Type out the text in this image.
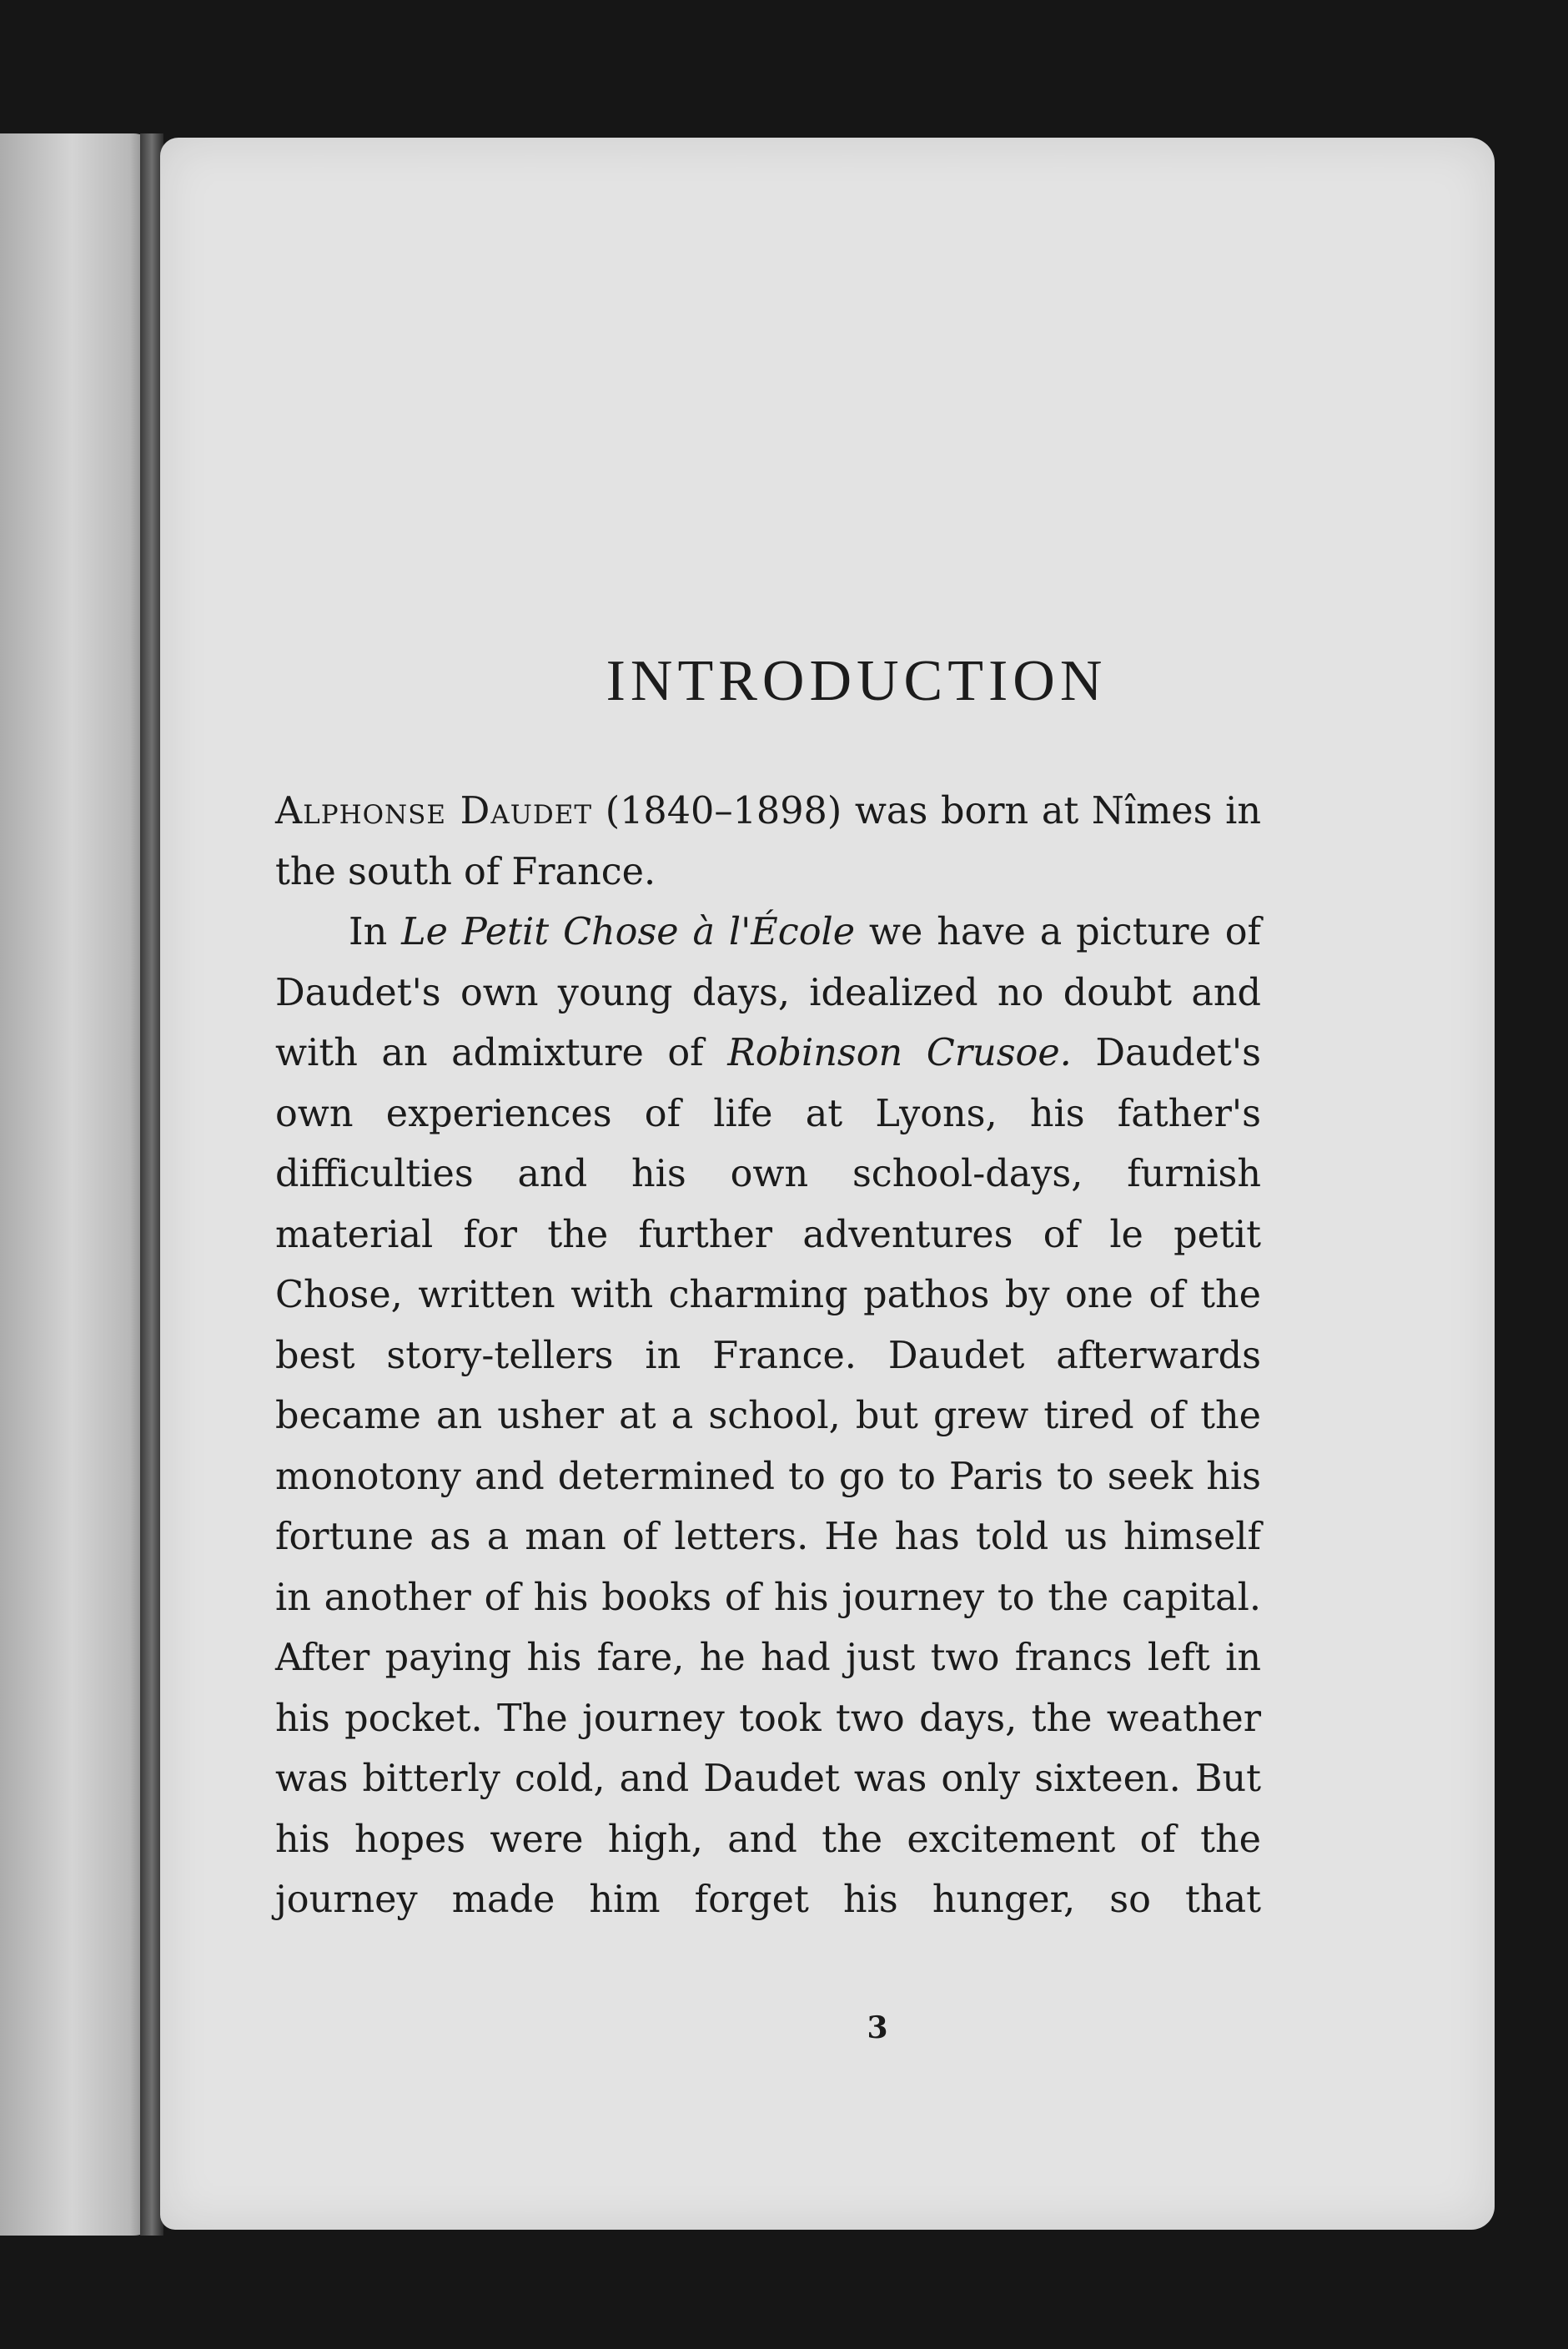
INTRODUCTION

Alphonse Daudet (1840–1898) was born at Nîmes in the south of France.

In Le Petit Chose à l'École we have a picture of Daudet's own young days, idealized no doubt and with an admixture of Robinson Crusoe. Daudet's own experiences of life at Lyons, his father's difficulties and his own school-days, furnish material for the further adventures of le petit Chose, written with charming pathos by one of the best story-tellers in France. Daudet afterwards became an usher at a school, but grew tired of the monotony and determined to go to Paris to seek his fortune as a man of letters. He has told us himself in another of his books of his journey to the capital. After paying his fare, he had just two francs left in his pocket. The journey took two days, the weather was bitterly cold, and Daudet was only sixteen. But his hopes were high, and the excitement of the journey made him forget his hunger, so that

3
